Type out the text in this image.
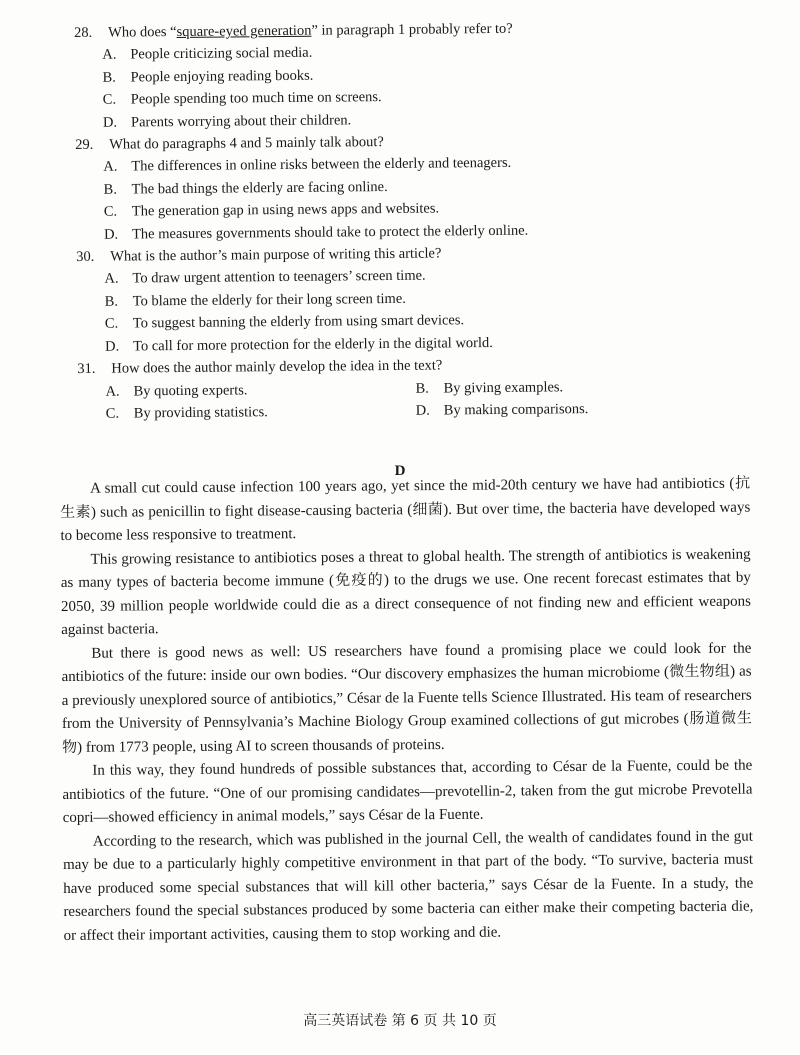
28.	Who does “square-eyed generation” in paragraph 1 probably refer to?
A. People criticizing social media.
B.	People enjoying reading books.
C.	People spending too much time on screens.
D. Parents worrying about their children.
29.	What do paragraphs 4 and 5 mainly talk about?
A. The differences in online risks between the elderly and teenagers.
B.	The bad things the elderly are facing online.
C.	The generation gap in using news apps and websites.
D. The measures governments should take to protect the elderly online.
30.	What is the author’s main purpose of writing this article?
A. To draw urgent attention to teenagers’ screen time.
B.	To blame the elderly for their long screen time.
C.	To suggest banning the elderly from using smart devices.
D. To call for more protection for the elderly in the digital world.
31.	How does the author mainly develop the idea in the text?
A. By quoting experts.	B.	By giving examples.
C.	By providing statistics.	D. By making comparisons.
D

A small cut could cause infection 100 years ago, yet since the mid-20th century we have had antibiotics (抗生素) such as penicillin to fight disease-causing bacteria (细菌). But over time, the bacteria have developed ways to become less responsive to treatment.

This growing resistance to antibiotics poses a threat to global health. The strength of antibiotics is weakening as many types of bacteria become immune (免疫的) to the drugs we use. One recent forecast estimates that by 2050, 39 million people worldwide could die as a direct consequence of not finding new and efficient weapons against bacteria.

But there is good news as well: US researchers have found a promising place we could look for the antibiotics of the future: inside our own bodies. “Our discovery emphasizes the human microbiome (微生物组) as a previously unexplored source of antibiotics,” César de la Fuente tells Science Illustrated. His team of researchers from the University of Pennsylvania’s Machine Biology Group examined collections of gut microbes (肠道微生物) from 1773 people, using AI to screen thousands of proteins.

In this way, they found hundreds of possible substances that, according to César de la Fuente, could be the antibiotics of the future. “One of our promising candidates—prevotellin-2, taken from the gut microbe Prevotella copri—showed efficiency in animal models,” says César de la Fuente.

According to the research, which was published in the journal Cell, the wealth of candidates found in the gut may be due to a particularly highly competitive environment in that part of the body. “To survive, bacteria must have produced some special substances that will kill other bacteria,” says César de la Fuente. In a study, the researchers found the special substances produced by some bacteria can either make their competing bacteria die, or affect their important activities, causing them to stop working and die.

高三英语试卷 第 6 页 共 10 页
